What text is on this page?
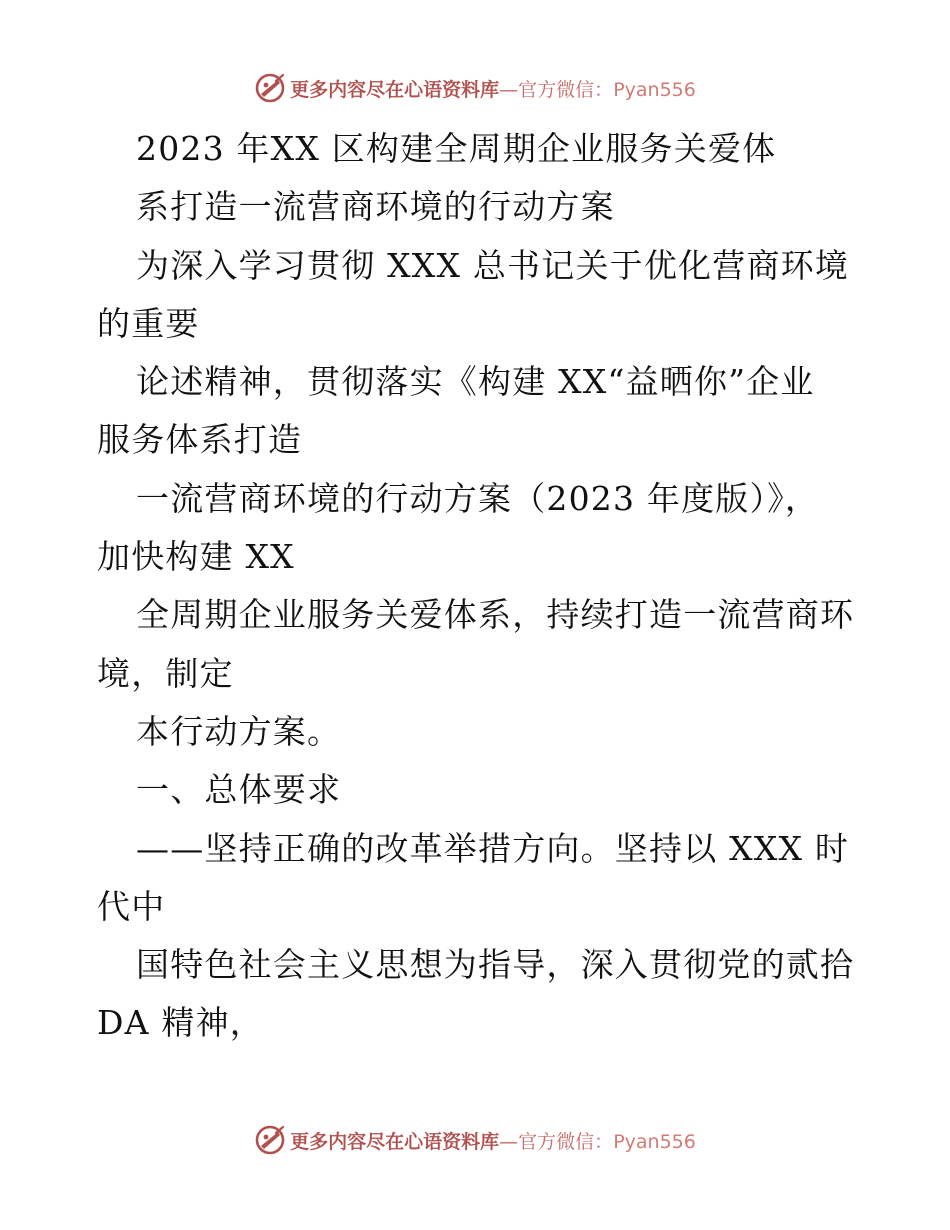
更多内容尽在心语资料库—官方微信：Pyan556
2023 年XX 区构建全周期企业服务关爱体
系打造一流营商环境的行动方案
为深入学习贯彻 XXX 总书记关于优化营商环境
的重要
论述精神，贯彻落实《构建 XX“益晒你”企业
服务体系打造
一流营商环境的行动方案（2023 年度版）》，
加快构建 XX
全周期企业服务关爱体系，持续打造一流营商环
境，制定
本行动方案。
一、总体要求
——坚持正确的改革举措方向。坚持以 XXX 时
代中
国特色社会主义思想为指导，深入贯彻党的贰拾
DA 精神，
更多内容尽在心语资料库—官方微信：Pyan556
